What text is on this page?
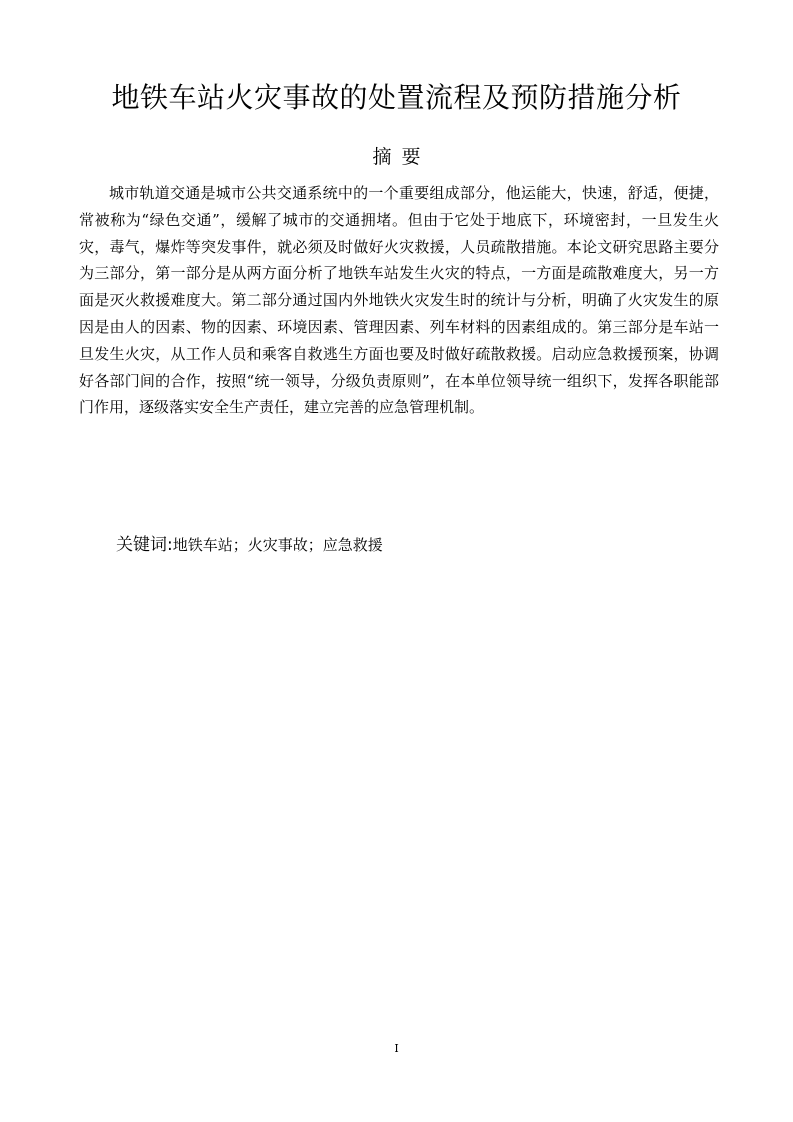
地铁车站火灾事故的处置流程及预防措施分析
摘要

城市轨道交通是城市公共交通系统中的一个重要组成部分，他运能大，快速，舒适，便捷，常被称为“绿色交通”，缓解了城市的交通拥堵。但由于它处于地底下，环境密封，一旦发生火灾，毒气，爆炸等突发事件，就必须及时做好火灾救援，人员疏散措施。本论文研究思路主要分为三部分，第一部分是从两方面分析了地铁车站发生火灾的特点，一方面是疏散难度大，另一方面是灭火救援难度大。第二部分通过国内外地铁火灾发生时的统计与分析，明确了火灾发生的原因是由人的因素、物的因素、环境因素、管理因素、列车材料的因素组成的。第三部分是车站一旦发生火灾，从工作人员和乘客自救逃生方面也要及时做好疏散救援。启动应急救援预案，协调好各部门间的合作，按照“统一领导，分级负责原则”，在本单位领导统一组织下，发挥各职能部门作用，逐级落实安全生产责任，建立完善的应急管理机制。

关键词:地铁车站；火灾事故；应急救援
I
